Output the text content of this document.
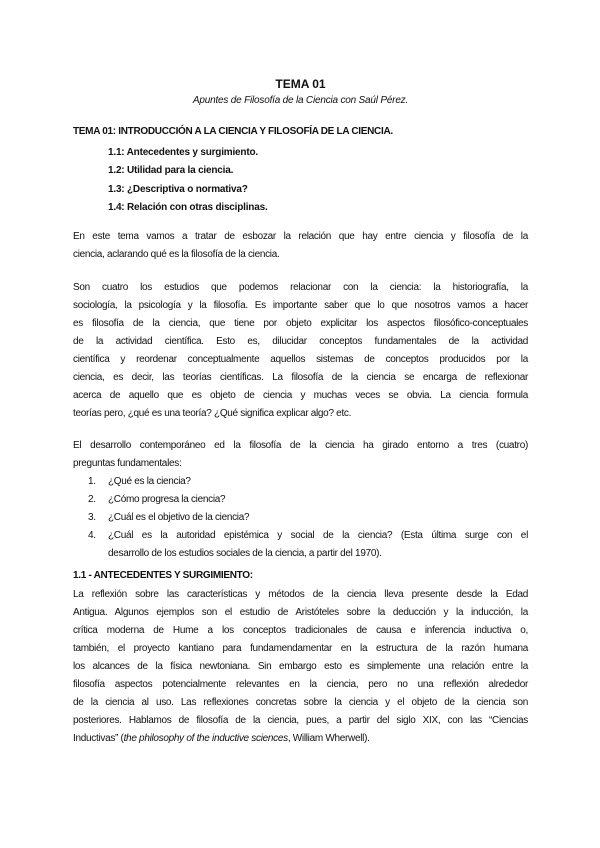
TEMA 01
Apuntes de Filosofía de la Ciencia con Saúl Pérez.
TEMA 01: INTRODUCCIÓN A LA CIENCIA Y FILOSOFÍA DE LA CIENCIA.
1.1: Antecedentes y surgimiento.
1.2: Utilidad para la ciencia.
1.3: ¿Descriptiva o normativa?
1.4: Relación con otras disciplinas.
En este tema vamos a tratar de esbozar la relación que hay entre ciencia y filosofía de la
ciencia, aclarando qué es la filosofía de la ciencia.
Son cuatro los estudios que podemos relacionar con la ciencia: la historiografía, la
sociología, la psicología y la filosofía. Es importante saber que lo que nosotros vamos a hacer
es filosofía de la ciencia, que tiene por objeto explicitar los aspectos filosófico-conceptuales
de la actividad científica. Esto es, dilucidar conceptos fundamentales de la actividad
científica y reordenar conceptualmente aquellos sistemas de conceptos producidos por la
ciencia, es decir, las teorías científicas. La filosofía de la ciencia se encarga de reflexionar
acerca de aquello que es objeto de ciencia y muchas veces se obvia. La ciencia formula
teorías pero, ¿qué es una teoría? ¿Qué significa explicar algo? etc.
El desarrollo contemporáneo ed la filosofía de la ciencia ha girado entorno a tres (cuatro)
preguntas fundamentales:
1.	¿Qué es la ciencia?
2.	¿Cómo progresa la ciencia?
3.	¿Cuál es el objetivo de la ciencia?
4.	¿Cuál es la autoridad epistémica y social de la ciencia? (Esta última surge con el
desarrollo de los estudios sociales de la ciencia, a partir del 1970).
1.1 - ANTECEDENTES Y SURGIMIENTO:
La reflexión sobre las características y métodos de la ciencia lleva presente desde la Edad
Antigua. Algunos ejemplos son el estudio de Aristóteles sobre la deducción y la inducción, la
crítica moderna de Hume a los conceptos tradicionales de causa e inferencia inductiva o,
también, el proyecto kantiano para fundamendamentar en la estructura de la razón humana
los alcances de la física newtoniana. Sin embargo esto es simplemente una relación entre la
filosofía aspectos potencialmente relevantes en la ciencia, pero no una reflexión alrededor
de la ciencia al uso. Las reflexiones concretas sobre la ciencia y el objeto de la ciencia son
posteriores. Hablamos de filosofía de la ciencia, pues, a partir del siglo XIX, con las “Ciencias
Inductivas” (the philosophy of the inductive sciences, William Wherwell).
